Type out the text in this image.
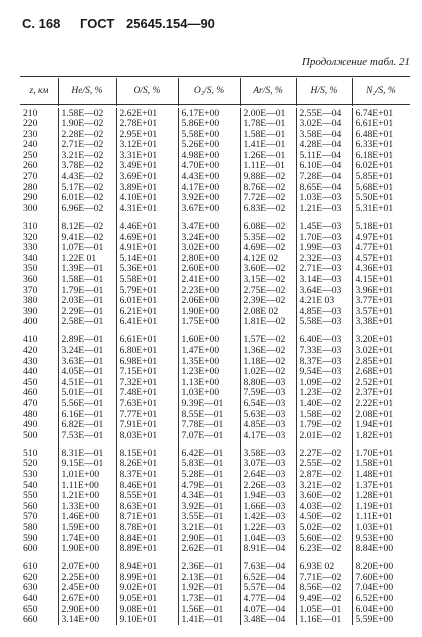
С. 168 ГОСТ 25645.154—90
Продолжение табл. 21
z, км	He/S, %	O/S, %	O₂/S, %	Ar/S, %	H/S, %	N₂/S, %
210	1.58E—02	2.62E+01	6.17E+00	2.00E—01	2.55E—04	6.74E+01
220	1.90E—02	2.78E+01	5.86E+00	1.78E—01	3.02E—04	6.61E+01
230	2.28E—02	2.95E+01	5.58E+00	1.58E—01	3.58E—04	6.48E+01
240	2.71E—02	3.12E+01	5.26E+00	1.41E—01	4.28E—04	6.33E+01
250	3.21E—02	3.31E+01	4.98E+00	1.26E—01	5.11E—04	6.18E+01
260	3.78E—02	3.49E+01	4.70E+00	1.11E—01	6.10E—04	6.02E+01
270	4.43E—02	3.69E+01	4.43E+00	9.88E—02	7.28E—04	5.85E+01
280	5.17E—02	3.89E+01	4.17E+00	8.76E—02	8.65E—04	5.68E+01
290	6.01E—02	4.10E+01	3.92E+00	7.72E—02	1.03E—03	5.50E+01
300	6.96E—02	4.31E+01	3.67E+00	6.83E—02	1.21E—03	5.31E+01

310	8.12E—02	4.46E+01	3.47E+00	6.08E—02	1.45E—03	5.18E+01
320	9.41E—02	4.69E+01	3.24E+00	5.35E—02	1.70E—03	4.97E+01
330	1.07E—01	4.91E+01	3.02E+00	4.69E—02	1.99E—03	4.77E+01
340	1.22E 01	5.14E+01	2.80E+00	4.12E 02	2.32E—03	4.57E+01
350	1.39E—01	5.36E+01	2.60E+00	3.60E—02	2.71E—03	4.36E+01
360	1.58E—01	5.58E+01	2.41E+00	3.15E—02	3.14E—03	4.15E+01
370	1.79E—01	5.79E+01	2.23E+00	2.75E—02	3.64E—03	3.96E+01
380	2.03E—01	6.01E+01	2.06E+00	2.39E—02	4.21E 03	3.77E+01
390	2.29E—01	6.21E+01	1.90E+00	2.08E 02	4.85E—03	3.57E+01
400	2.58E—01	6.41E+01	1.75E+00	1.81E—02	5.58E—03	3.38E+01

410	2.89E—01	6.61E+01	1.60E+00	1.57E—02	6.40E—03	3.20E+01
420	3.24E—01	6.80E+01	1.47E+00	1.36E—02	7.33E—03	3.02E+01
430	3.63E—01	6.98E+01	1.35E+00	1.18E—02	8.37E—03	2.85E+01
440	4.05E—01	7.15E+01	1.23E+00	1.02E—02	9.54E—03	2.68E+01
450	4.51E—01	7.32E+01	1.13E+00	8.80E—03	1.09E—02	2.52E+01
460	5.01E—01	7.48E+01	1.03E+00	7.59E—03	1.23E—02	2.37E+01
470	5.56E—01	7.63E+01	9.39E—01	6.54E—03	1.40E—02	2.22E+01
480	6.16E—01	7.77E+01	8.55E—01	5.63E—03	1.58E—02	2.08E+01
490	6.82E—01	7.91E+01	7.78E—01	4.85E—03	1.79E—02	1.94E+01
500	7.53E—01	8.03E+01	7.07E—01	4.17E—03	2.01E—02	1.82E+01

510	8.31E—01	8.15E+01	6.42E—01	3.58E—03	2.27E—02	1.70E+01
520	9.15E—01	8.26E+01	5.83E—01	3.07E—03	2.55E—02	1.58E+01
530	1.01E+00	8.37E+01	5.28E—01	2.64E—03	2.87E—02	1.48E+01
540	1.11E+00	8.46E+01	4.79E—01	2.26E—03	3.21E—02	1.37E+01
550	1.21E+00	8.55E+01	4.34E—01	1.94E—03	3.60E—02	1.28E+01
560	1.33E+00	8.63E+01	3.92E—01	1.66E—03	4.03E—02	1.19E+01
570	1.46E+00	8.71E+01	3.55E—01	1.42E—03	4.50E—02	1.11E+01
580	1.59E+00	8.78E+01	3.21E—01	1.22E—03	5.02E—02	1.03E+01
590	1.74E+00	8.84E+01	2.90E—01	1.04E—03	5.60E—02	9.53E+00
600	1.90E+00	8.89E+01	2.62E—01	8.91E—04	6.23E—02	8.84E+00

610	2.07E+00	8.94E+01	2.36E—01	7.63E—04	6.93E 02	8.20E+00
620	2.25E+00	8.99E+01	2.13E—01	6.52E—04	7.71E—02	7.60E+00
630	2.45E+00	9.02E+01	1.92E—01	5.57E—04	8.56E—02	7.04E+00
640	2.67E+00	9.05E+01	1.73E—01	4.77E—04	9.49E—02	6.52E+00
650	2.90E+00	9.08E+01	1.56E—01	4.07E—04	1.05E—01	6.04E+00
660	3.14E+00	9.10E+01	1.41E—01	3.48E—04	1.16E—01	5.59E+00
